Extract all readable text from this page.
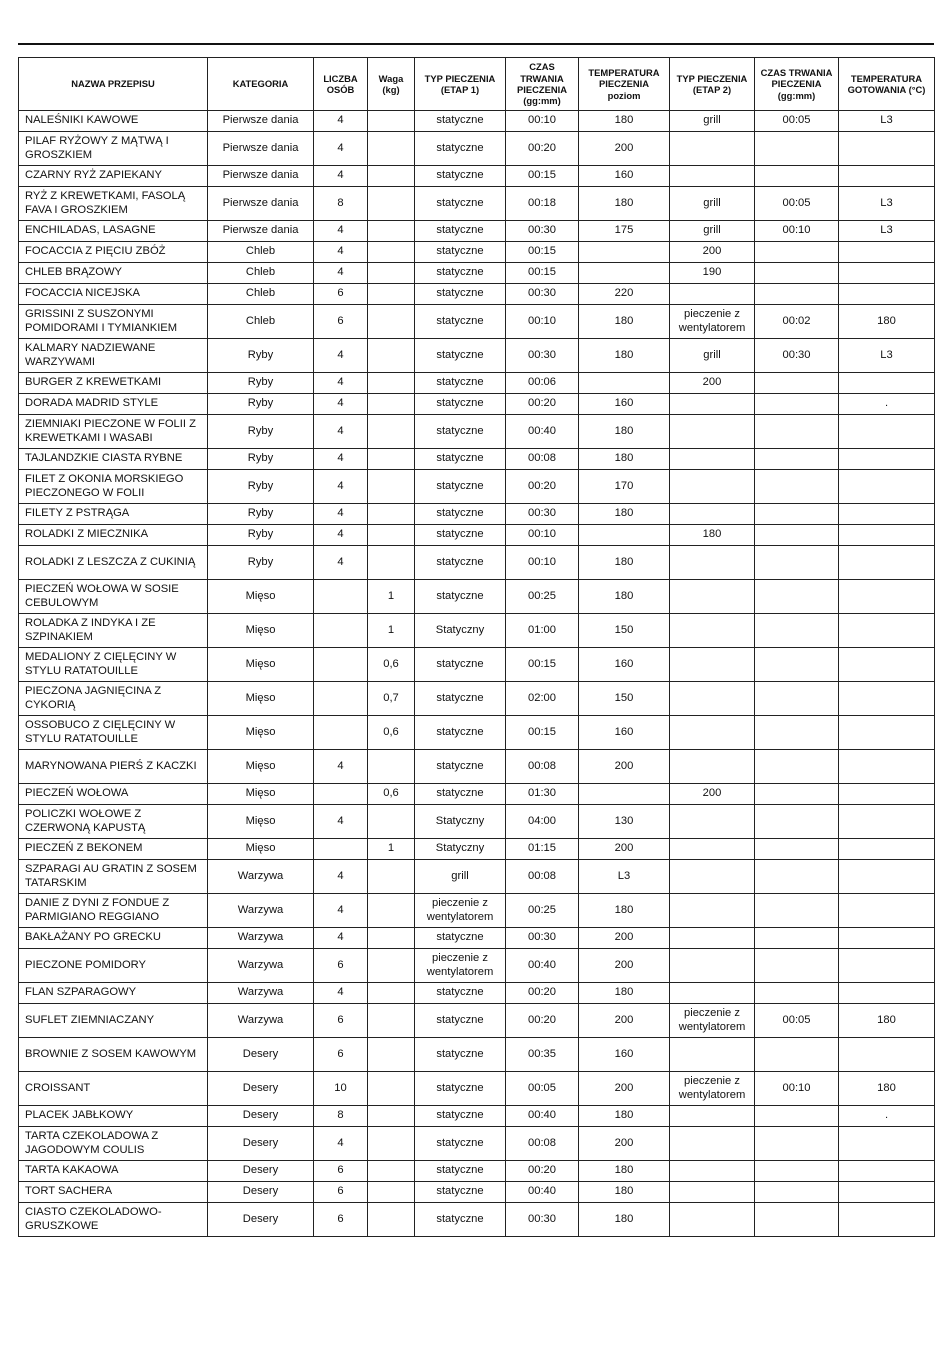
NAZWA PRZEPISU	KATEGORIA	LICZBA OSÓB	Waga (kg)	TYP PIECZENIA (ETAP 1)	CZAS TRWANIA PIECZENIA (gg:mm)	TEMPERATURA PIECZENIA poziom	TYP PIECZENIA (ETAP 2)	CZAS TRWANIA PIECZENIA (gg:mm)	TEMPERATURA GOTOWANIA (°C)
NALEŚNIKI KAWOWE	Pierwsze dania	4		statyczne	00:10	180	grill	00:05	L3
PILAF RYŻOWY Z MĄTWĄ I GROSZKIEM	Pierwsze dania	4		statyczne	00:20	200			
CZARNY RYŻ ZAPIEKANY	Pierwsze dania	4		statyczne	00:15	160			
RYŻ Z KREWETKAMI, FASOLĄ FAVA I GROSZKIEM	Pierwsze dania	8		statyczne	00:18	180	grill	00:05	L3
ENCHILADAS, LASAGNE	Pierwsze dania	4		statyczne	00:30	175	grill	00:10	L3
FOCACCIA Z PIĘCIU ZBÓŻ	Chleb	4		statyczne	00:15		200		
CHLEB BRĄZOWY	Chleb	4		statyczne	00:15		190		
FOCACCIA NICEJSKA	Chleb	6		statyczne	00:30	220			
GRISSINI Z SUSZONYMI POMIDORAMI I TYMIANKIEM	Chleb	6		statyczne	00:10	180	pieczenie z wentylatorem	00:02	180
KALMARY NADZIEWANE WARZYWAMI	Ryby	4		statyczne	00:30	180	grill	00:30	L3
BURGER Z KREWETKAMI	Ryby	4		statyczne	00:06		200		
DORADA MADRID STYLE	Ryby	4		statyczne	00:20	160			.
ZIEMNIAKI PIECZONE W FOLII Z KREWETKAMI I WASABI	Ryby	4		statyczne	00:40	180			
TAJLANDZKIE CIASTA RYBNE	Ryby	4		statyczne	00:08	180			
FILET Z OKONIA MORSKIEGO PIECZONEGO W FOLII	Ryby	4		statyczne	00:20	170			
FILETY Z PSTRĄGA	Ryby	4		statyczne	00:30	180			
ROLADKI Z MIECZNIKA	Ryby	4		statyczne	00:10		180		
ROLADKI Z LESZCZA Z CUKINIĄ	Ryby	4		statyczne	00:10	180			
PIECZEŃ WOŁOWA W SOSIE CEBULOWYM	Mięso		1	statyczne	00:25	180			
ROLADKA Z INDYKA I ZE SZPINAKIEM	Mięso		1	Statyczny	01:00	150			
MEDALIONY Z CIĘLĘCINY W STYLU RATATOUILLE	Mięso		0,6	statyczne	00:15	160			
PIECZONA JAGNIĘCINA Z CYKORIĄ	Mięso		0,7	statyczne	02:00	150			
OSSOBUCO Z CIĘLĘCINY W STYLU RATATOUILLE	Mięso		0,6	statyczne	00:15	160			
MARYNOWANA PIERŚ Z KACZKI	Mięso	4		statyczne	00:08	200			
PIECZEŃ WOŁOWA	Mięso		0,6	statyczne	01:30		200		
POLICZKI WOŁOWE Z CZERWONĄ KAPUSTĄ	Mięso	4		Statyczny	04:00	130			
PIECZEŃ Z BEKONEM	Mięso		1	Statyczny	01:15	200			
SZPARAGI AU GRATIN Z SOSEM TATARSKIM	Warzywa	4		grill	00:08	L3			
DANIE Z DYNI Z FONDUE Z PARMIGIANO REGGIANO	Warzywa	4		pieczenie z wentylatorem	00:25	180			
BAKŁAŻANY PO GRECKU	Warzywa	4		statyczne	00:30	200			
PIECZONE POMIDORY	Warzywa	6		pieczenie z wentylatorem	00:40	200			
FLAN SZPARAGOWY	Warzywa	4		statyczne	00:20	180			
SUFLET ZIEMNIACZANY	Warzywa	6		statyczne	00:20	200	pieczenie z wentylatorem	00:05	180
BROWNIE Z SOSEM KAWOWYM	Desery	6		statyczne	00:35	160			
CROISSANT	Desery	10		statyczne	00:05	200	pieczenie z wentylatorem	00:10	180
PLACEK JABŁKOWY	Desery	8		statyczne	00:40	180			.
TARTA CZEKOLADOWA Z JAGODOWYM COULIS	Desery	4		statyczne	00:08	200			
TARTA KAKAOWA	Desery	6		statyczne	00:20	180			
TORT SACHERA	Desery	6		statyczne	00:40	180			
CIASTO CZEKOLADOWO-GRUSZKOWE	Desery	6		statyczne	00:30	180			
